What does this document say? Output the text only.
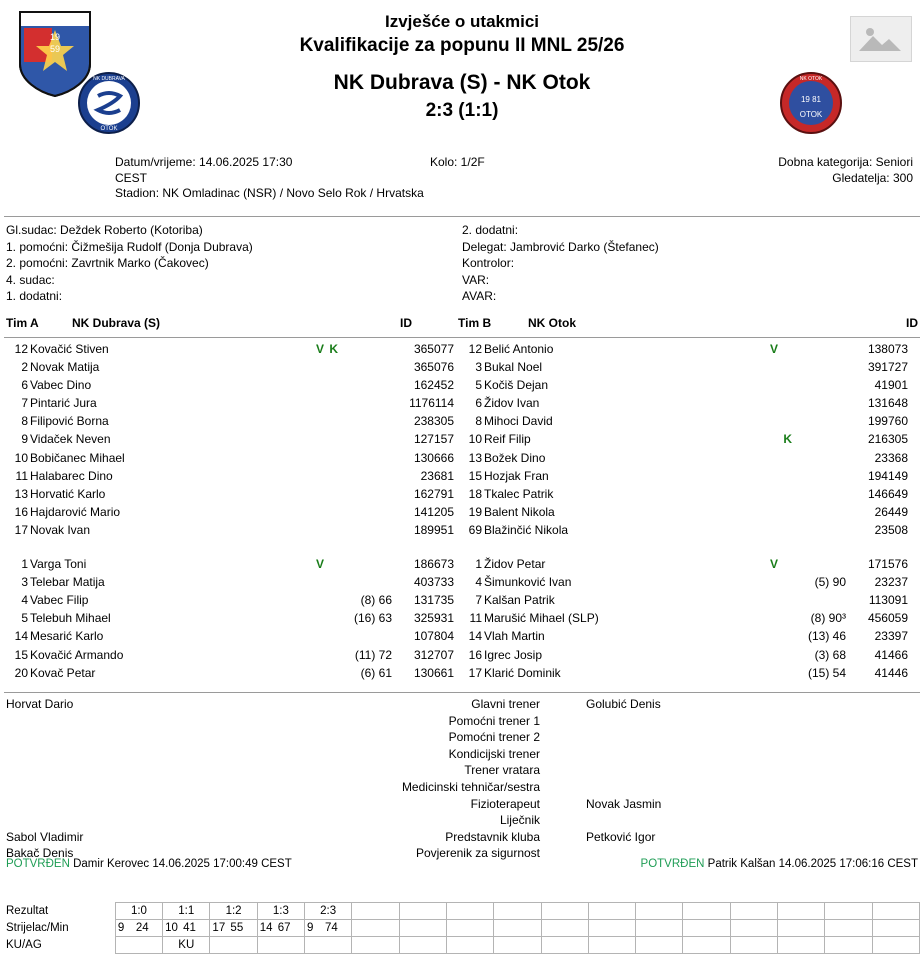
19
59
NK DUBRAVA
OTOK
19 81
OTOK
NK OTOK
Izvješće o utakmici
Kvalifikacije za popunu II MNL 25/26
NK Dubrava (S) - NK Otok
2:3 (1:1)
Datum/vrijeme: 14.06.2025 17:30
CEST
Kolo: 1/2F	Dobna kategorija: Seniori
Gledatelja: 300
Stadion: NK Omladinac (NSR) / Novo Selo Rok / Hrvatska
Gl.sudac: Deždek Roberto (Kotoriba)
1. pomoćni: Čižmešija Rudolf (Donja Dubrava)
2. pomoćni: Zavrtnik Marko (Čakovec)
4. sudac:
1. dodatni:
2. dodatni:
Delegat: Jambrović Darko (Štefanec)
Kontrolor:
VAR:
AVAR:
Tim A	NK Dubrava (S)	ID	Tim B	NK Otok	ID
12 Kovačić Stiven	V K	365077
2 Novak Matija	365076
6 Vabec Dino	162452
7 Pintarić Jura	1176114
8 Filipović Borna	238305
9 Vidaček Neven	127157
10 Bobičanec Mihael	130666
11 Halabarec Dino	23681
13 Horvatić Karlo	162791
16 Hajdarović Mario	141205
17 Novak Ivan	189951
1 Varga Toni	V	186673
3 Telebar Matija	403733
4 Vabec Filip	(8) 66	131735
5 Telebuh Mihael	(16) 63	325931
14 Mesarić Karlo	107804
15 Kovačić Armando	(11) 72	312707
20 Kovač Petar	(6) 61	130661
12 Belić Antonio	V	138073
3 Bukal Noel	391727
5 Kočiš Dejan	41901
6 Židov Ivan	131648
8 Mihoci David	199760
10 Reif Filip	K	216305
13 Božek Dino	23368
15 Hozjak Fran	194149
18 Tkalec Patrik	146649
19 Balent Nikola	26449
69 Blažinčić Nikola	23508
1 Židov Petar	V	171576
4 Šimunković Ivan	(5) 90	23237
7 Kalšan Patrik	113091
11 Marušić Mihael (SLP)	(8) 90³	456059
14 Vlah Martin	(13) 46	23397
16 Igrec Josip	(3) 68	41466
17 Klarić Dominik	(15) 54	41446
Horvat Dario	Glavni trener	Golubić Denis
Pomoćni trener 1
Pomoćni trener 2
Kondicijski trener
Trener vratara
Medicinski tehničar/sestra
Fizioterapeut	Novak Jasmin
Liječnik
Sabol Vladimir	Predstavnik kluba	Petković Igor
Bakač Denis	Povjerenik za sigurnost
POTVRĐEN Damir Kerovec 14.06.2025 17:00:49 CEST	POTVRĐEN Patrik Kalšan 14.06.2025 17:06:16 CEST
Rezultat	1:0	1:1	1:2	1:3	2:3												
Strijelac/Min	9 24	10 41	17 55	14 67	9 74												

KU/AG		KU															
